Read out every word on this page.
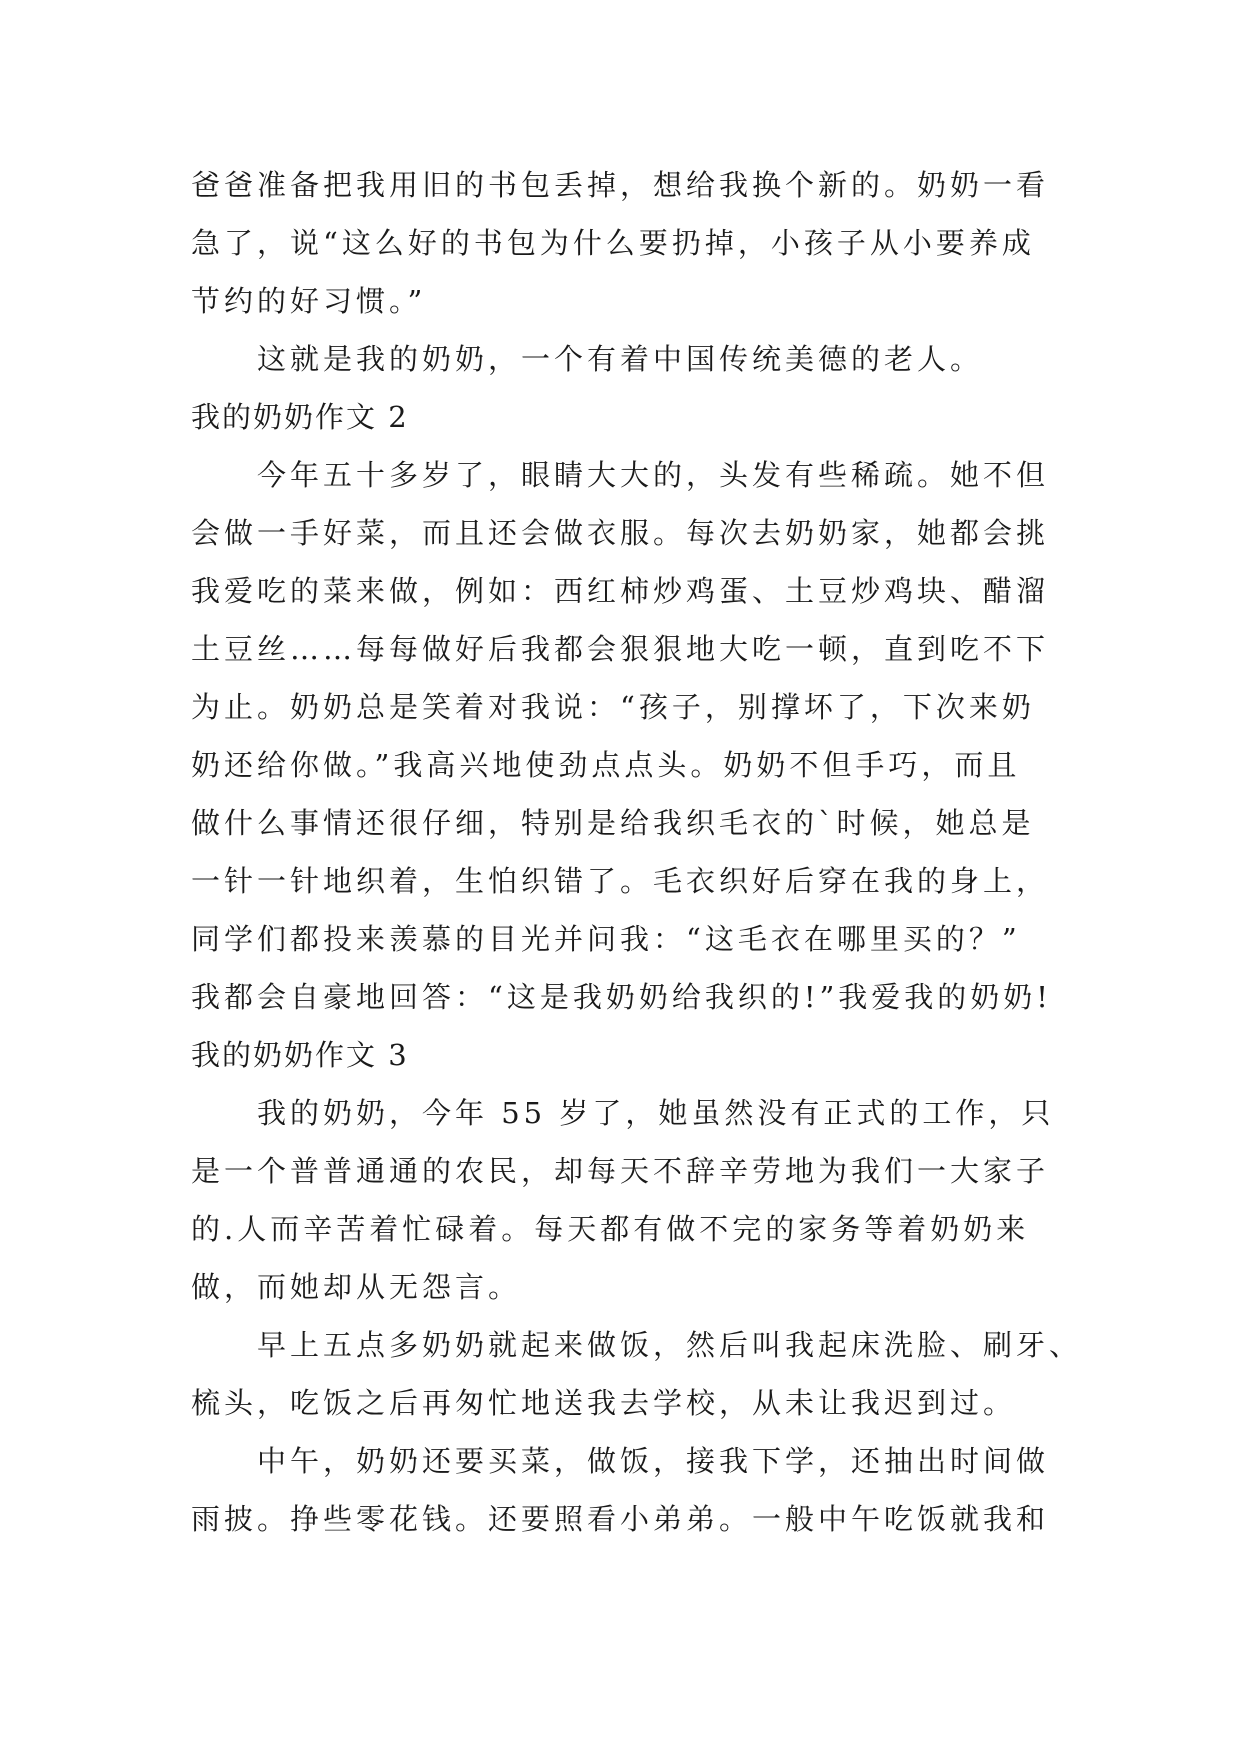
爸爸准备把我用旧的书包丢掉，想给我换个新的。奶奶一看
急了，说“这么好的书包为什么要扔掉，小孩子从小要养成
节约的好习惯。”
这就是我的奶奶，一个有着中国传统美德的老人。
我的奶奶作文 2
今年五十多岁了，眼睛大大的，头发有些稀疏。她不但
会做一手好菜，而且还会做衣服。每次去奶奶家，她都会挑
我爱吃的菜来做，例如：西红柿炒鸡蛋、土豆炒鸡块、醋溜
土豆丝……每每做好后我都会狠狠地大吃一顿，直到吃不下
为止。奶奶总是笑着对我说：“孩子，别撑坏了，下次来奶
奶还给你做。”我高兴地使劲点点头。奶奶不但手巧，而且
做什么事情还很仔细，特别是给我织毛衣的`时候，她总是
一针一针地织着，生怕织错了。毛衣织好后穿在我的身上，
同学们都投来羡慕的目光并问我：“这毛衣在哪里买的？”
我都会自豪地回答：“这是我奶奶给我织的!”我爱我的奶奶!
我的奶奶作文 3
我的奶奶，今年 55 岁了，她虽然没有正式的工作，只
是一个普普通通的农民，却每天不辞辛劳地为我们一大家子
的.人而辛苦着忙碌着。每天都有做不完的家务等着奶奶来
做，而她却从无怨言。
早上五点多奶奶就起来做饭，然后叫我起床洗脸、刷牙、
梳头，吃饭之后再匆忙地送我去学校，从未让我迟到过。
中午，奶奶还要买菜，做饭，接我下学，还抽出时间做
雨披。挣些零花钱。还要照看小弟弟。一般中午吃饭就我和
